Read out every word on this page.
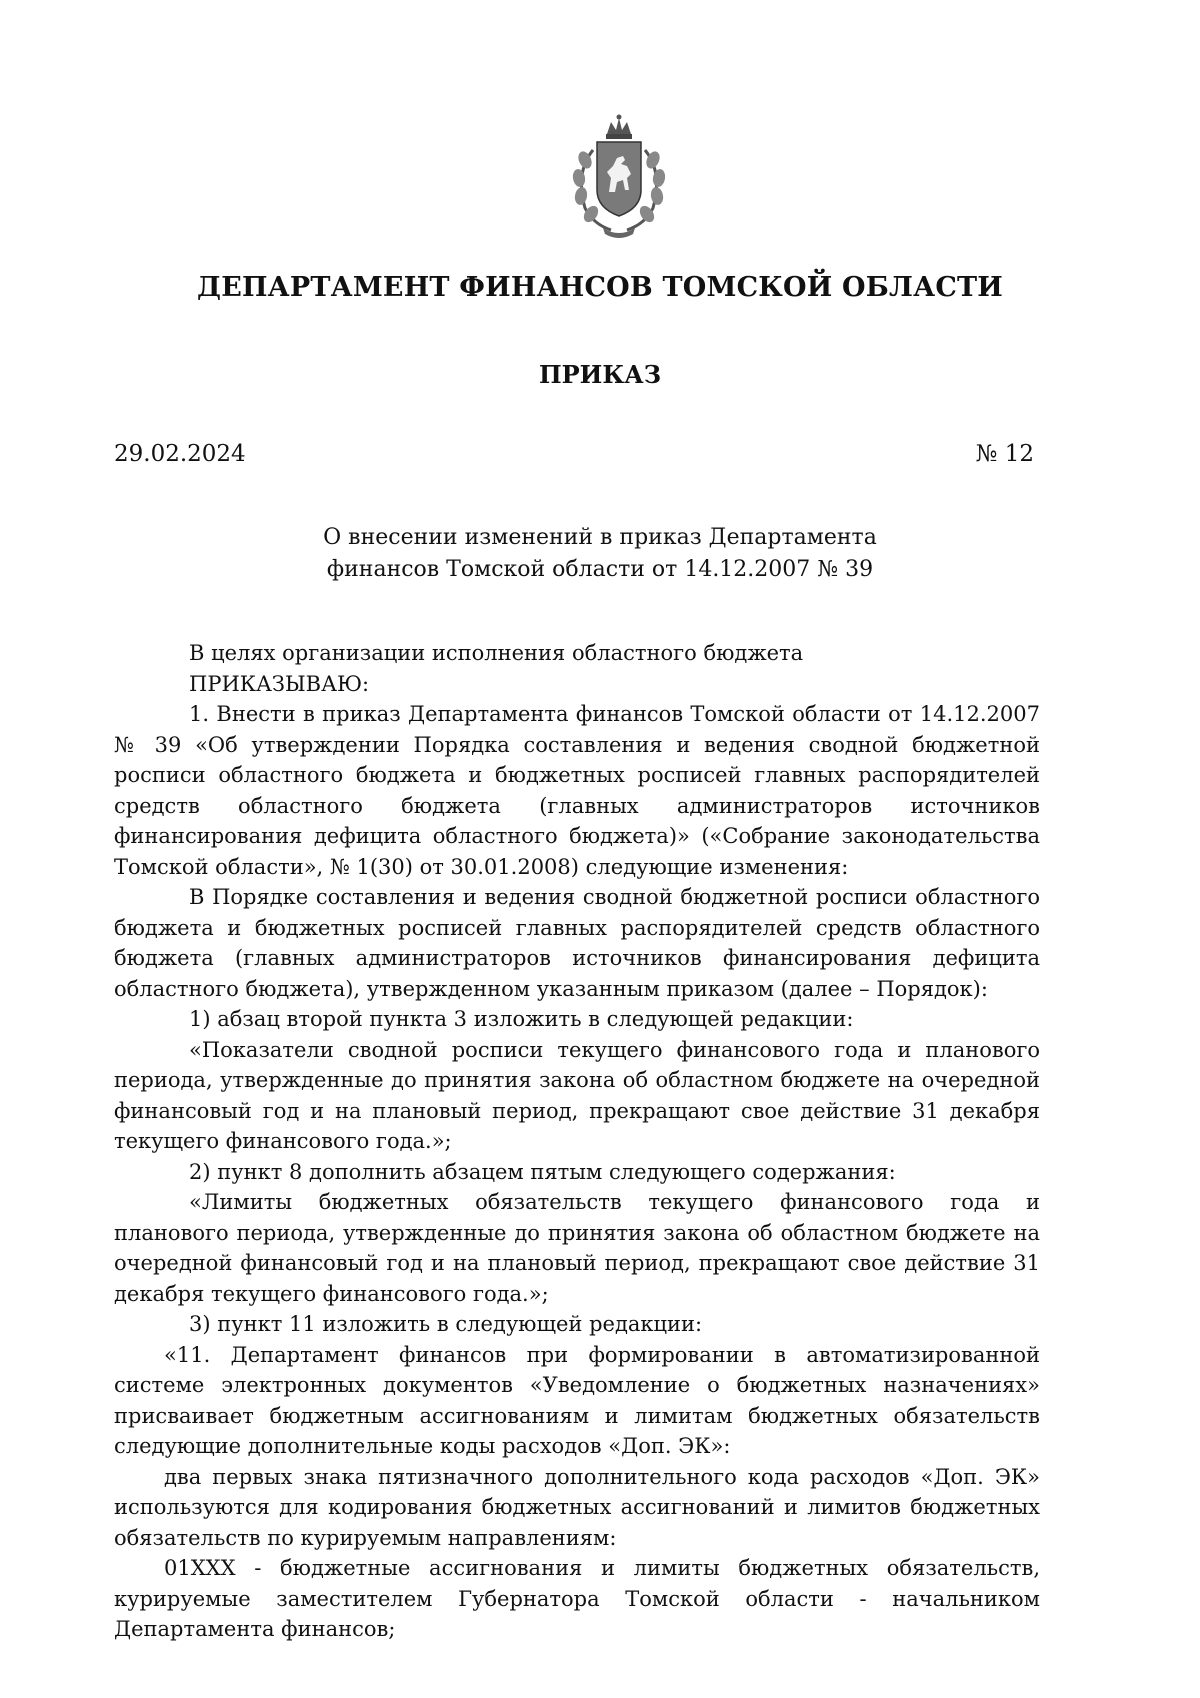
ДЕПАРТАМЕНТ ФИНАНСОВ ТОМСКОЙ ОБЛАСТИ
ПРИКАЗ
29.02.2024	№ 12
О внесении изменений в приказ Департамента
финансов Томской области от 14.12.2007 № 39

В целях организации исполнения областного бюджета

ПРИКАЗЫВАЮ:

1. Внести в приказ Департамента финансов Томской области от 14.12.2007 № 39 «Об утверждении Порядка составления и ведения сводной бюджетной росписи областного бюджета и бюджетных росписей главных распорядителей средств областного бюджета (главных администраторов источников финансирования дефицита областного бюджета)» («Собрание законодательства Томской области», № 1(30) от 30.01.2008) следующие изменения:

В Порядке составления и ведения сводной бюджетной росписи областного бюджета и бюджетных росписей главных распорядителей средств областного бюджета (главных администраторов источников финансирования дефицита областного бюджета), утвержденном указанным приказом (далее – Порядок):

1) абзац второй пункта 3 изложить в следующей редакции:

«Показатели сводной росписи текущего финансового года и планового периода, утвержденные до принятия закона об областном бюджете на очередной финансовый год и на плановый период, прекращают свое действие 31 декабря текущего финансового года.»;

2) пункт 8 дополнить абзацем пятым следующего содержания:

«Лимиты бюджетных обязательств текущего финансового года и планового периода, утвержденные до принятия закона об областном бюджете на очередной финансовый год и на плановый период, прекращают свое действие 31 декабря текущего финансового года.»;

3) пункт 11 изложить в следующей редакции:

«11. Департамент финансов при формировании в автоматизированной системе электронных документов «Уведомление о бюджетных назначениях» присваивает бюджетным ассигнованиям и лимитам бюджетных обязательств следующие дополнительные коды расходов «Доп. ЭК»:

два первых знака пятизначного дополнительного кода расходов «Доп. ЭК» используются для кодирования бюджетных ассигнований и лимитов бюджетных обязательств по курируемым направлениям:

01ХХХ - бюджетные ассигнования и лимиты бюджетных обязательств, курируемые заместителем Губернатора Томской области - начальником Департамента финансов;
